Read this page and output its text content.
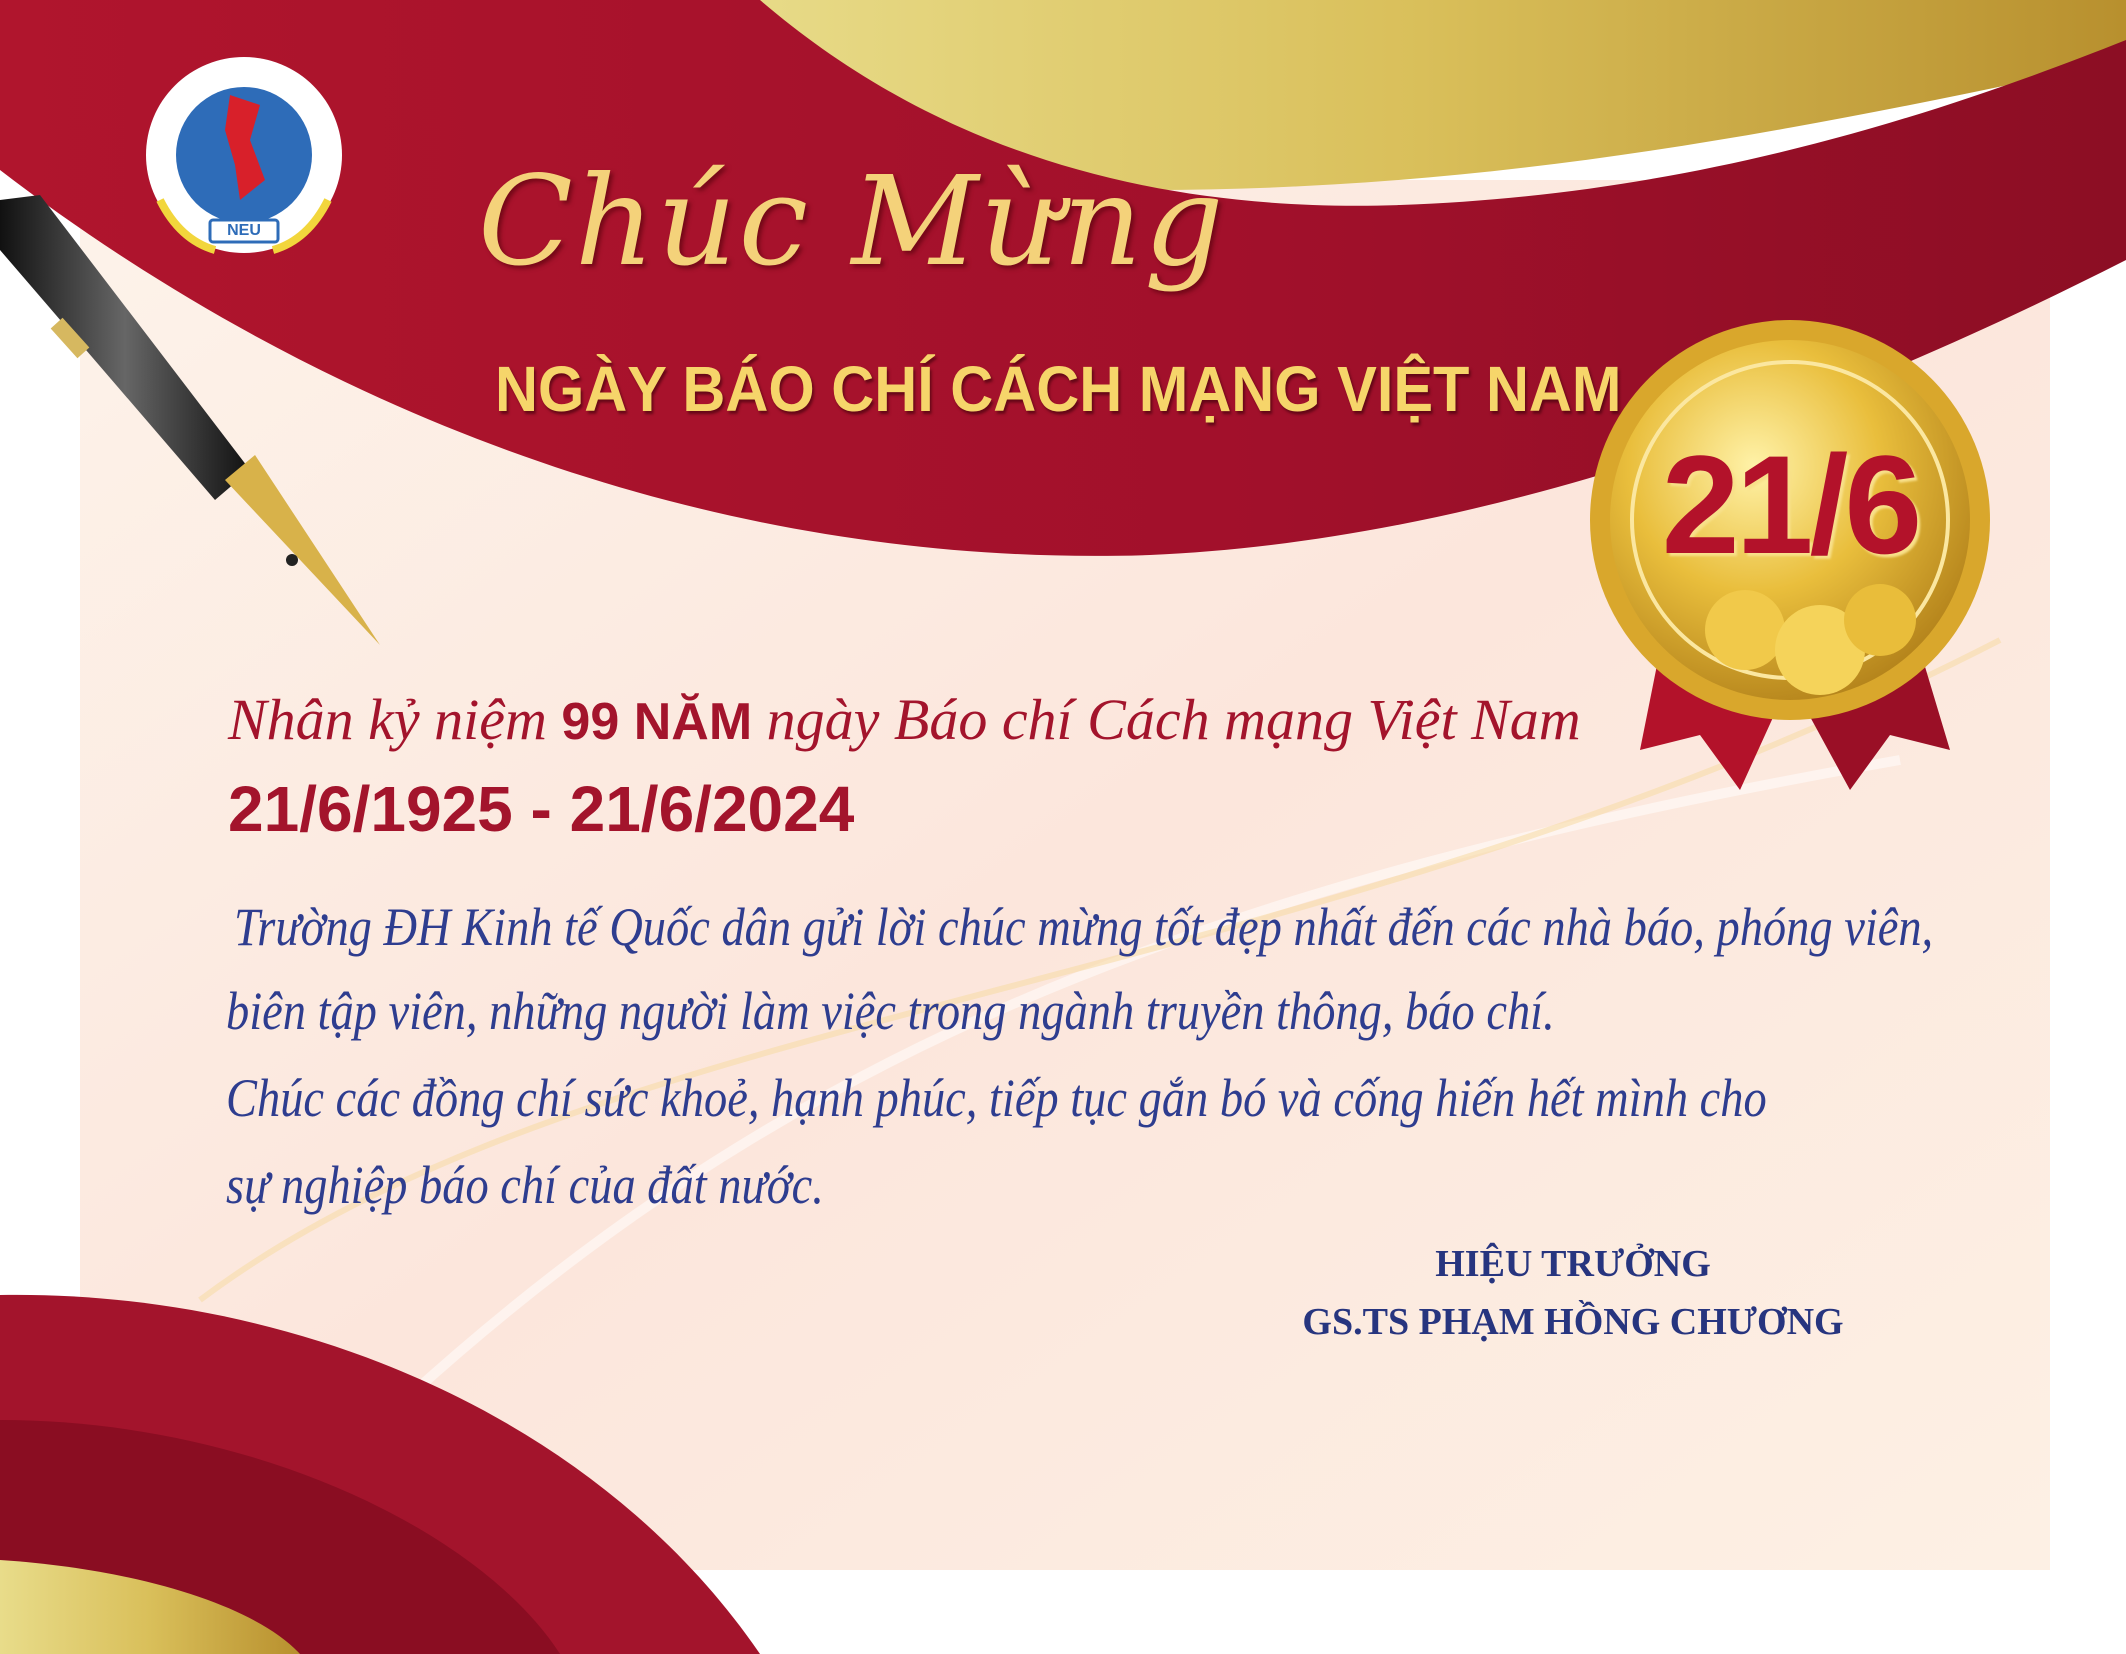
NEU Chúc Mừng
NGÀY BÁO CHÍ CÁCH MẠNG VIỆT NAM
21/6
Nhân kỷ niệm 99 NĂM ngày Báo chí Cách mạng Việt Nam
21/6/1925 - 21/6/2024
Trường ĐH Kinh tế Quốc dân gửi lời chúc mừng tốt đẹp nhất đến các nhà báo, phóng viên,
biên tập viên, những người làm việc trong ngành truyền thông, báo chí.
Chúc các đồng chí sức khoẻ, hạnh phúc, tiếp tục gắn bó và cống hiến hết mình cho
sự nghiệp báo chí của đất nước.
HIỆU TRƯỞNG
GS.TS PHẠM HỒNG CHƯƠNG
